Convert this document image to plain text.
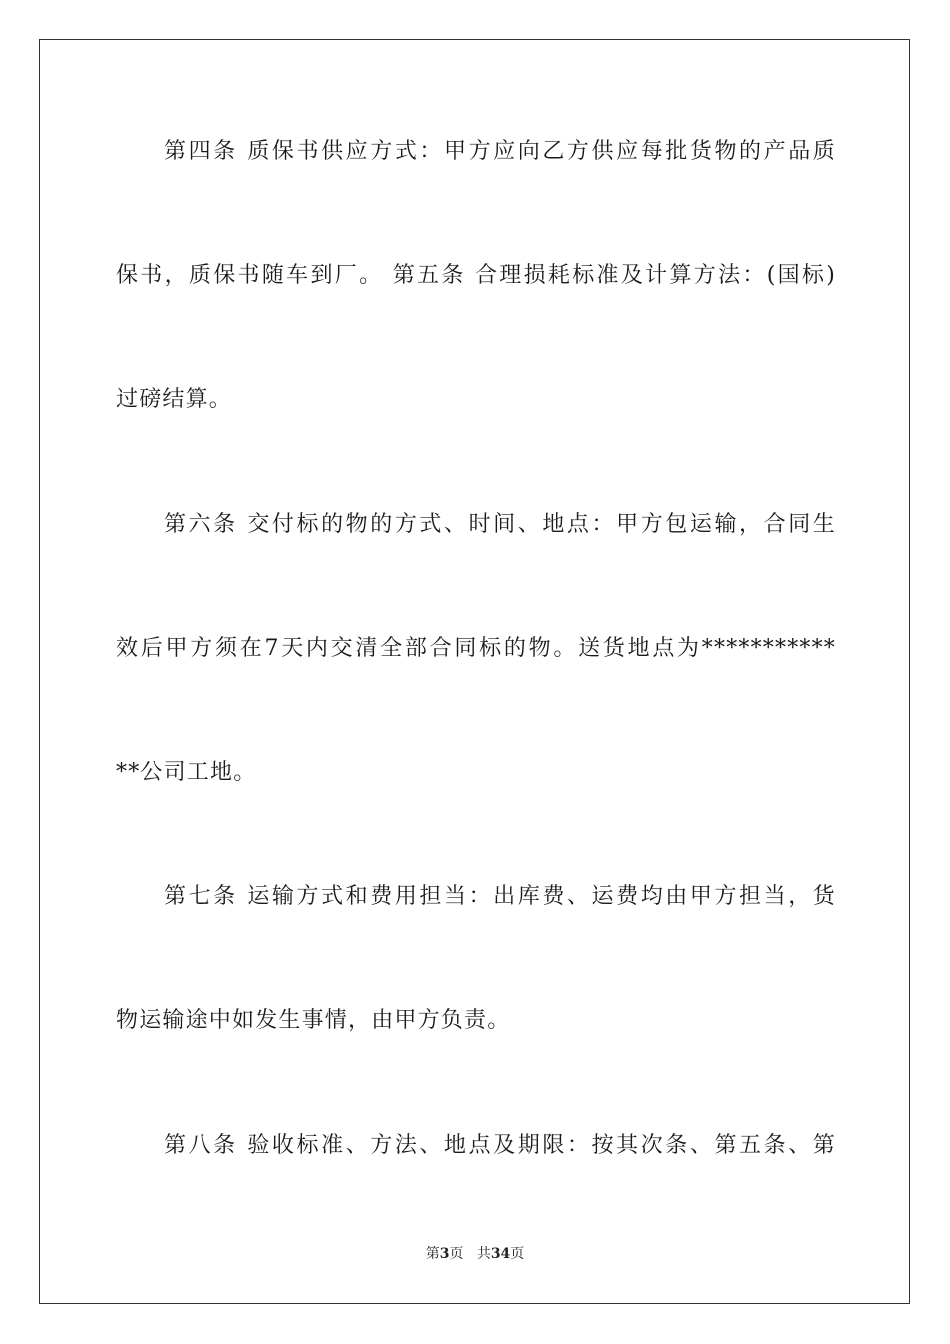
第四条 质保书供应方式：甲方应向乙方供应每批货物的产品质
保书，质保书随车到厂。 第五条 合理损耗标准及计算方法：(国标)
过磅结算。
第六条 交付标的物的方式、时间、地点：甲方包运输，合同生
效后甲方须在7天内交清全部合同标的物。送货地点为***********
**公司工地。
第七条 运输方式和费用担当：出库费、运费均由甲方担当，货
物运输途中如发生事情，由甲方负责。
第八条 验收标准、方法、地点及期限：按其次条、第五条、第
第3页 共34页
